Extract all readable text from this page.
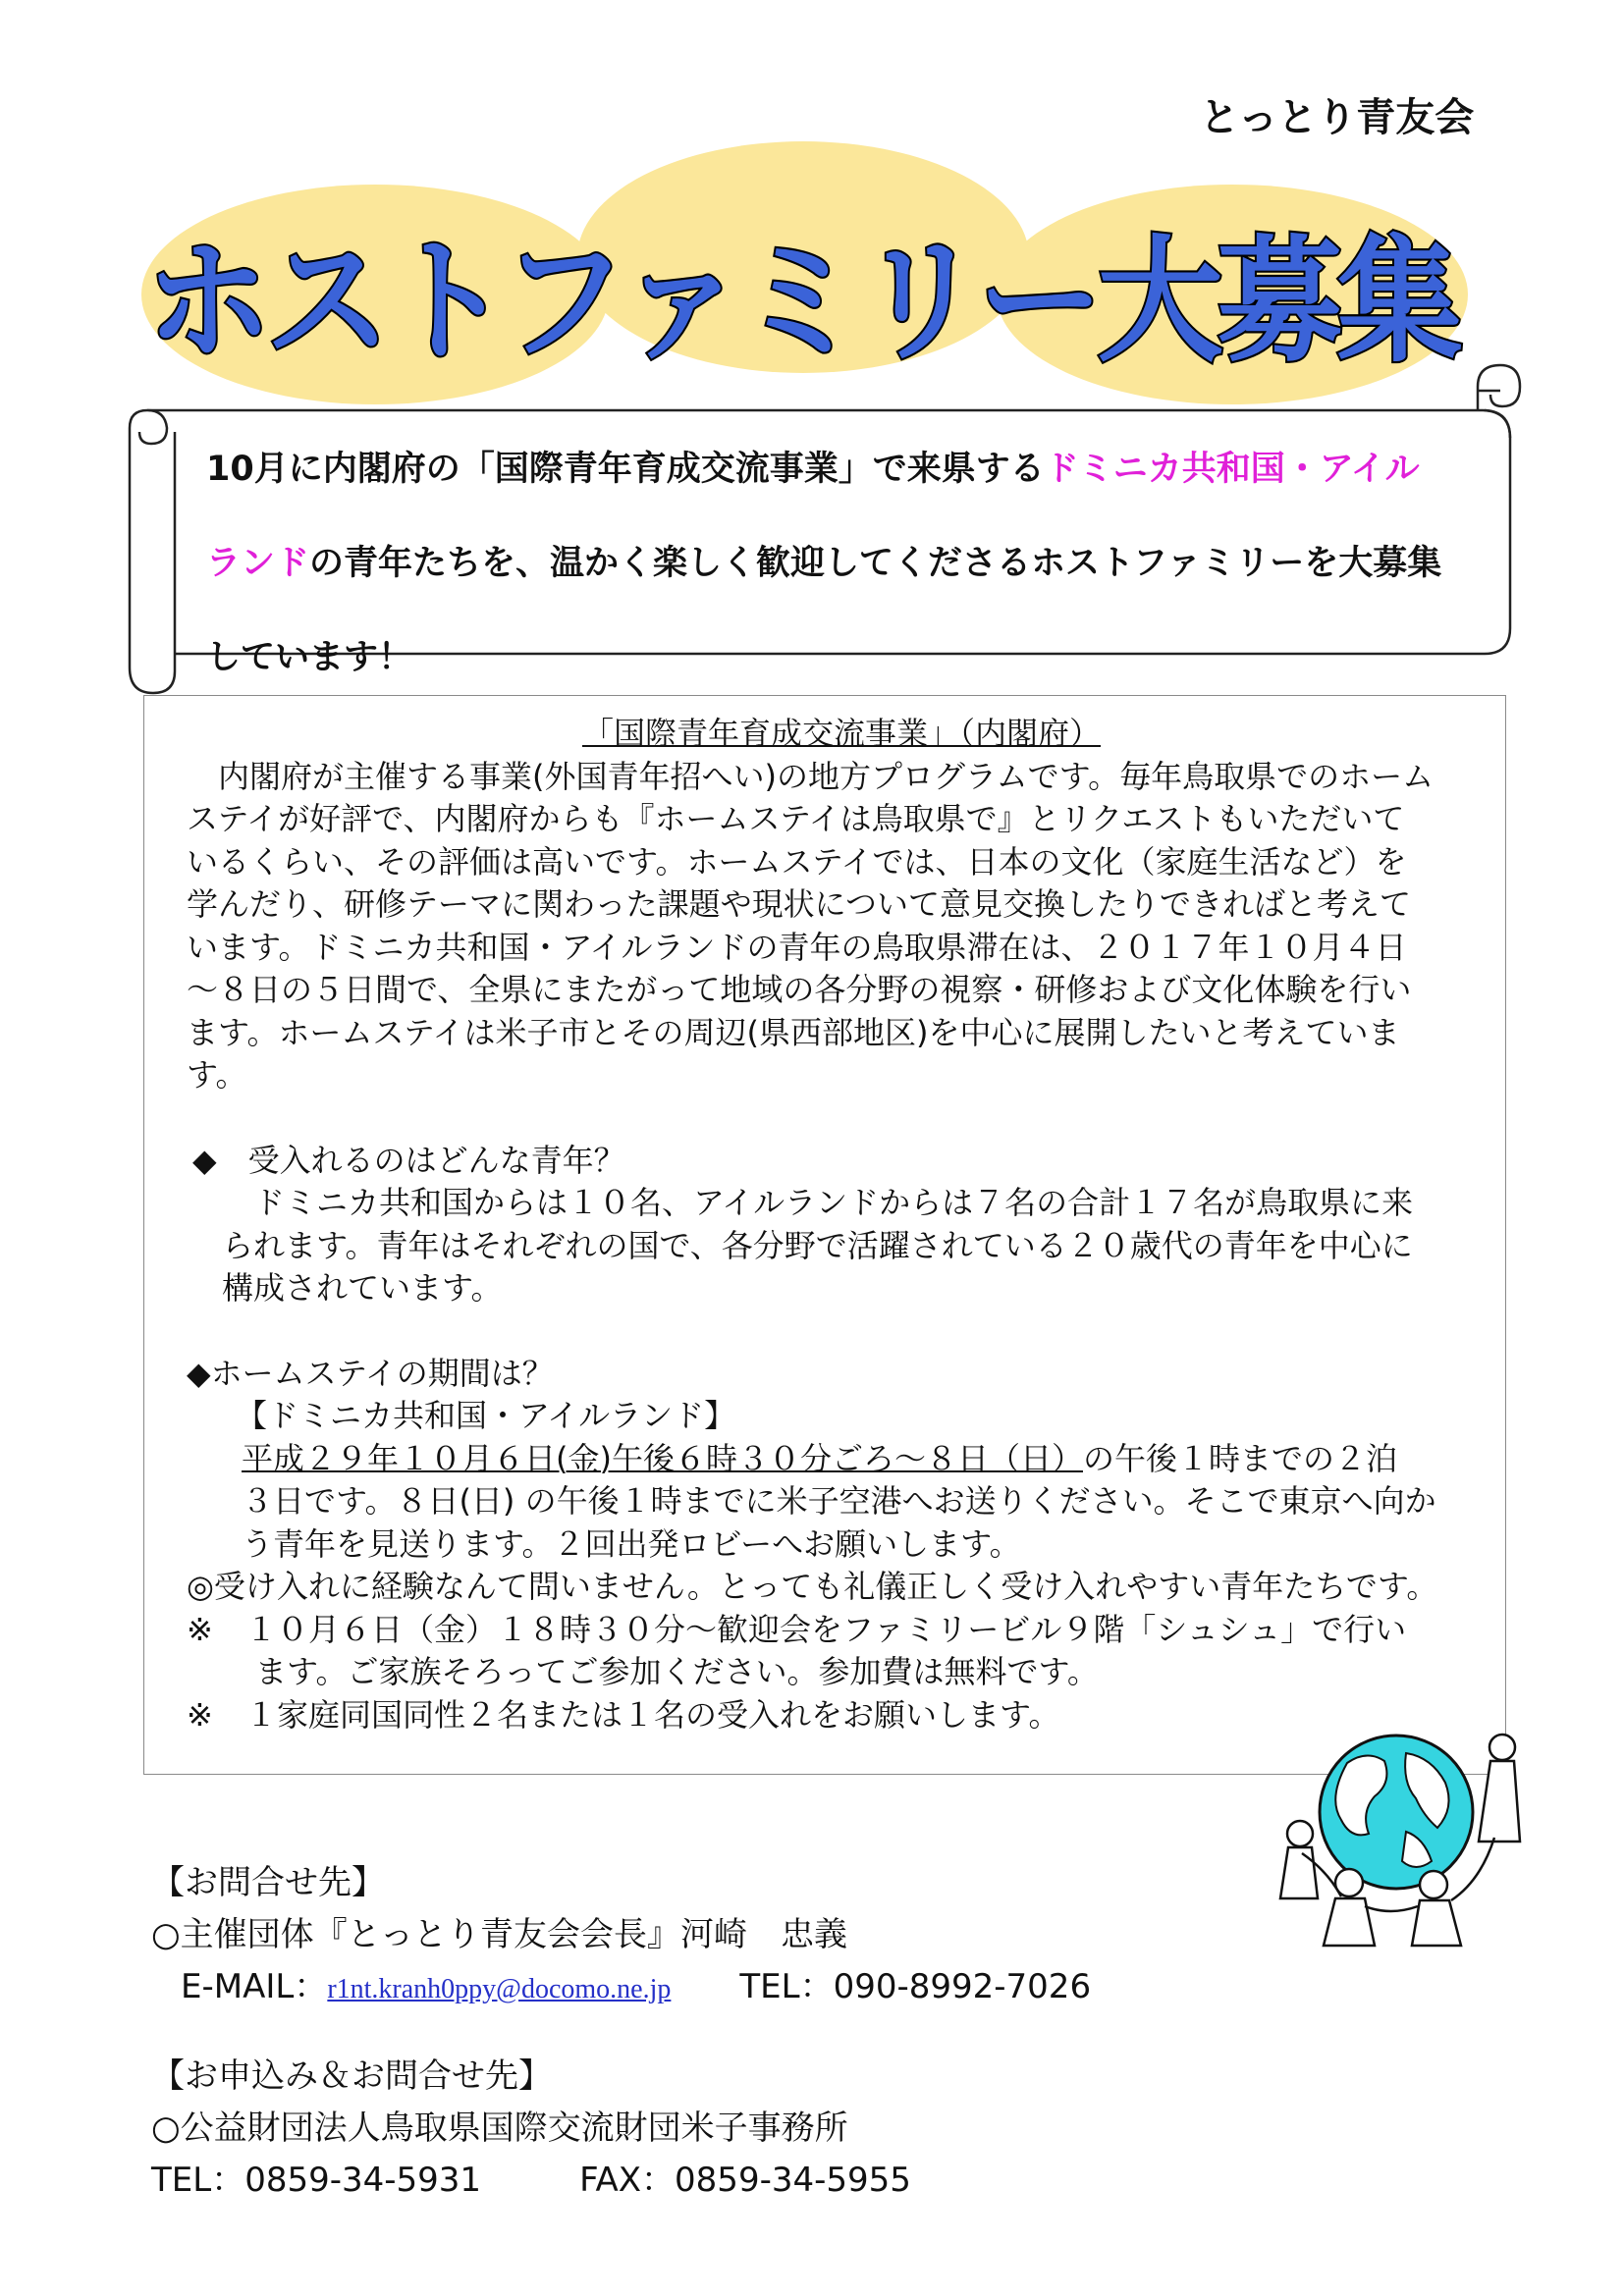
とっとり青友会
ホストファミリー大募集
10月に内閣府の「国際青年育成交流事業」で来県するドミニカ共和国・アイル
ランドの青年たちを、温かく楽しく歓迎してくださるホストファミリーを大募集
しています！

「国際青年育成交流事業」（内閣府）

　内閣府が主催する事業(外国青年招へい)の地方プログラムです。毎年鳥取県でのホーム

ステイが好評で、内閣府からも『ホームステイは鳥取県で』とリクエストもいただいて

いるくらい、その評価は高いです。ホームステイでは、日本の文化（家庭生活など）を

学んだり、研修テーマに関わった課題や現状について意見交換したりできればと考えて

います。ドミニカ共和国・アイルランドの青年の鳥取県滞在は、２０１７年１０月４日

～８日の５日間で、全県にまたがって地域の各分野の視察・研修および文化体験を行い

ます。ホームステイは米子市とその周辺(県西部地区)を中心に展開したいと考えていま

す。

◆　受入れるのはどんな青年？

　ドミニカ共和国からは１０名、アイルランドからは７名の合計１７名が鳥取県に来

られます。青年はそれぞれの国で、各分野で活躍されている２０歳代の青年を中心に

構成されています。

◆ホームステイの期間は？

【ドミニカ共和国・アイルランド】

平成２９年１０月６日(金)午後６時３０分ごろ～８日（日）の午後１時までの２泊

３日です。８日(日) の午後１時までに米子空港へお送りください。そこで東京へ向か

う青年を見送ります。２回出発ロビーへお願いします。

◎受け入れに経験なんて問いません。とっても礼儀正しく受け入れやすい青年たちです。

※ １０月６日（金）１８時３０分～歓迎会をファミリービル９階「シュシュ」で行い

ます。ご家族そろってご参加ください。参加費は無料です。

※ １家庭同国同性２名または１名の受入れをお願いします。

【お問合せ先】

○主催団体『とっとり青友会会長』河崎　忠義

E-MAIL：r1nt.kranh0ppy@docomo.ne.jp TEL：090-8992-7026

【お申込み＆お問合せ先】

○公益財団法人鳥取県国際交流財団米子事務所

TEL：0859-34-5931	FAX：0859-34-5955
